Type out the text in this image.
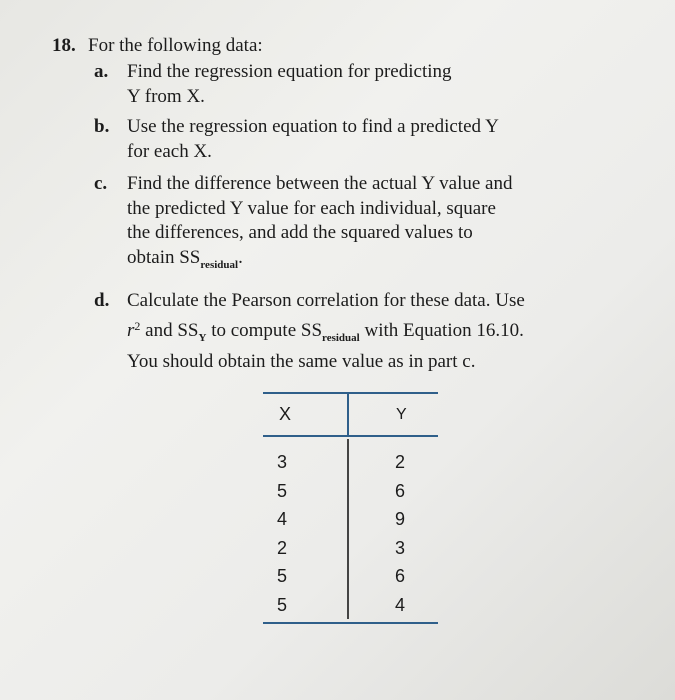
18. For the following data:
a. Find the regression equation for predicting
Y from X.
b. Use the regression equation to find a predicted Y
for each X.
c. Find the difference between the actual Y value and
the predicted Y value for each individual, square
the differences, and add the squared values to
obtain $SS_{residual}$.
d. Calculate the Pearson correlation for these data. Use
$r^2$ and $SS_Y$ to compute $SS_{residual}$ with Equation 16.10.
You should obtain the same value as in part c.
X	Y
3
5
4
2
5
5
2
6
9
3
6
4
